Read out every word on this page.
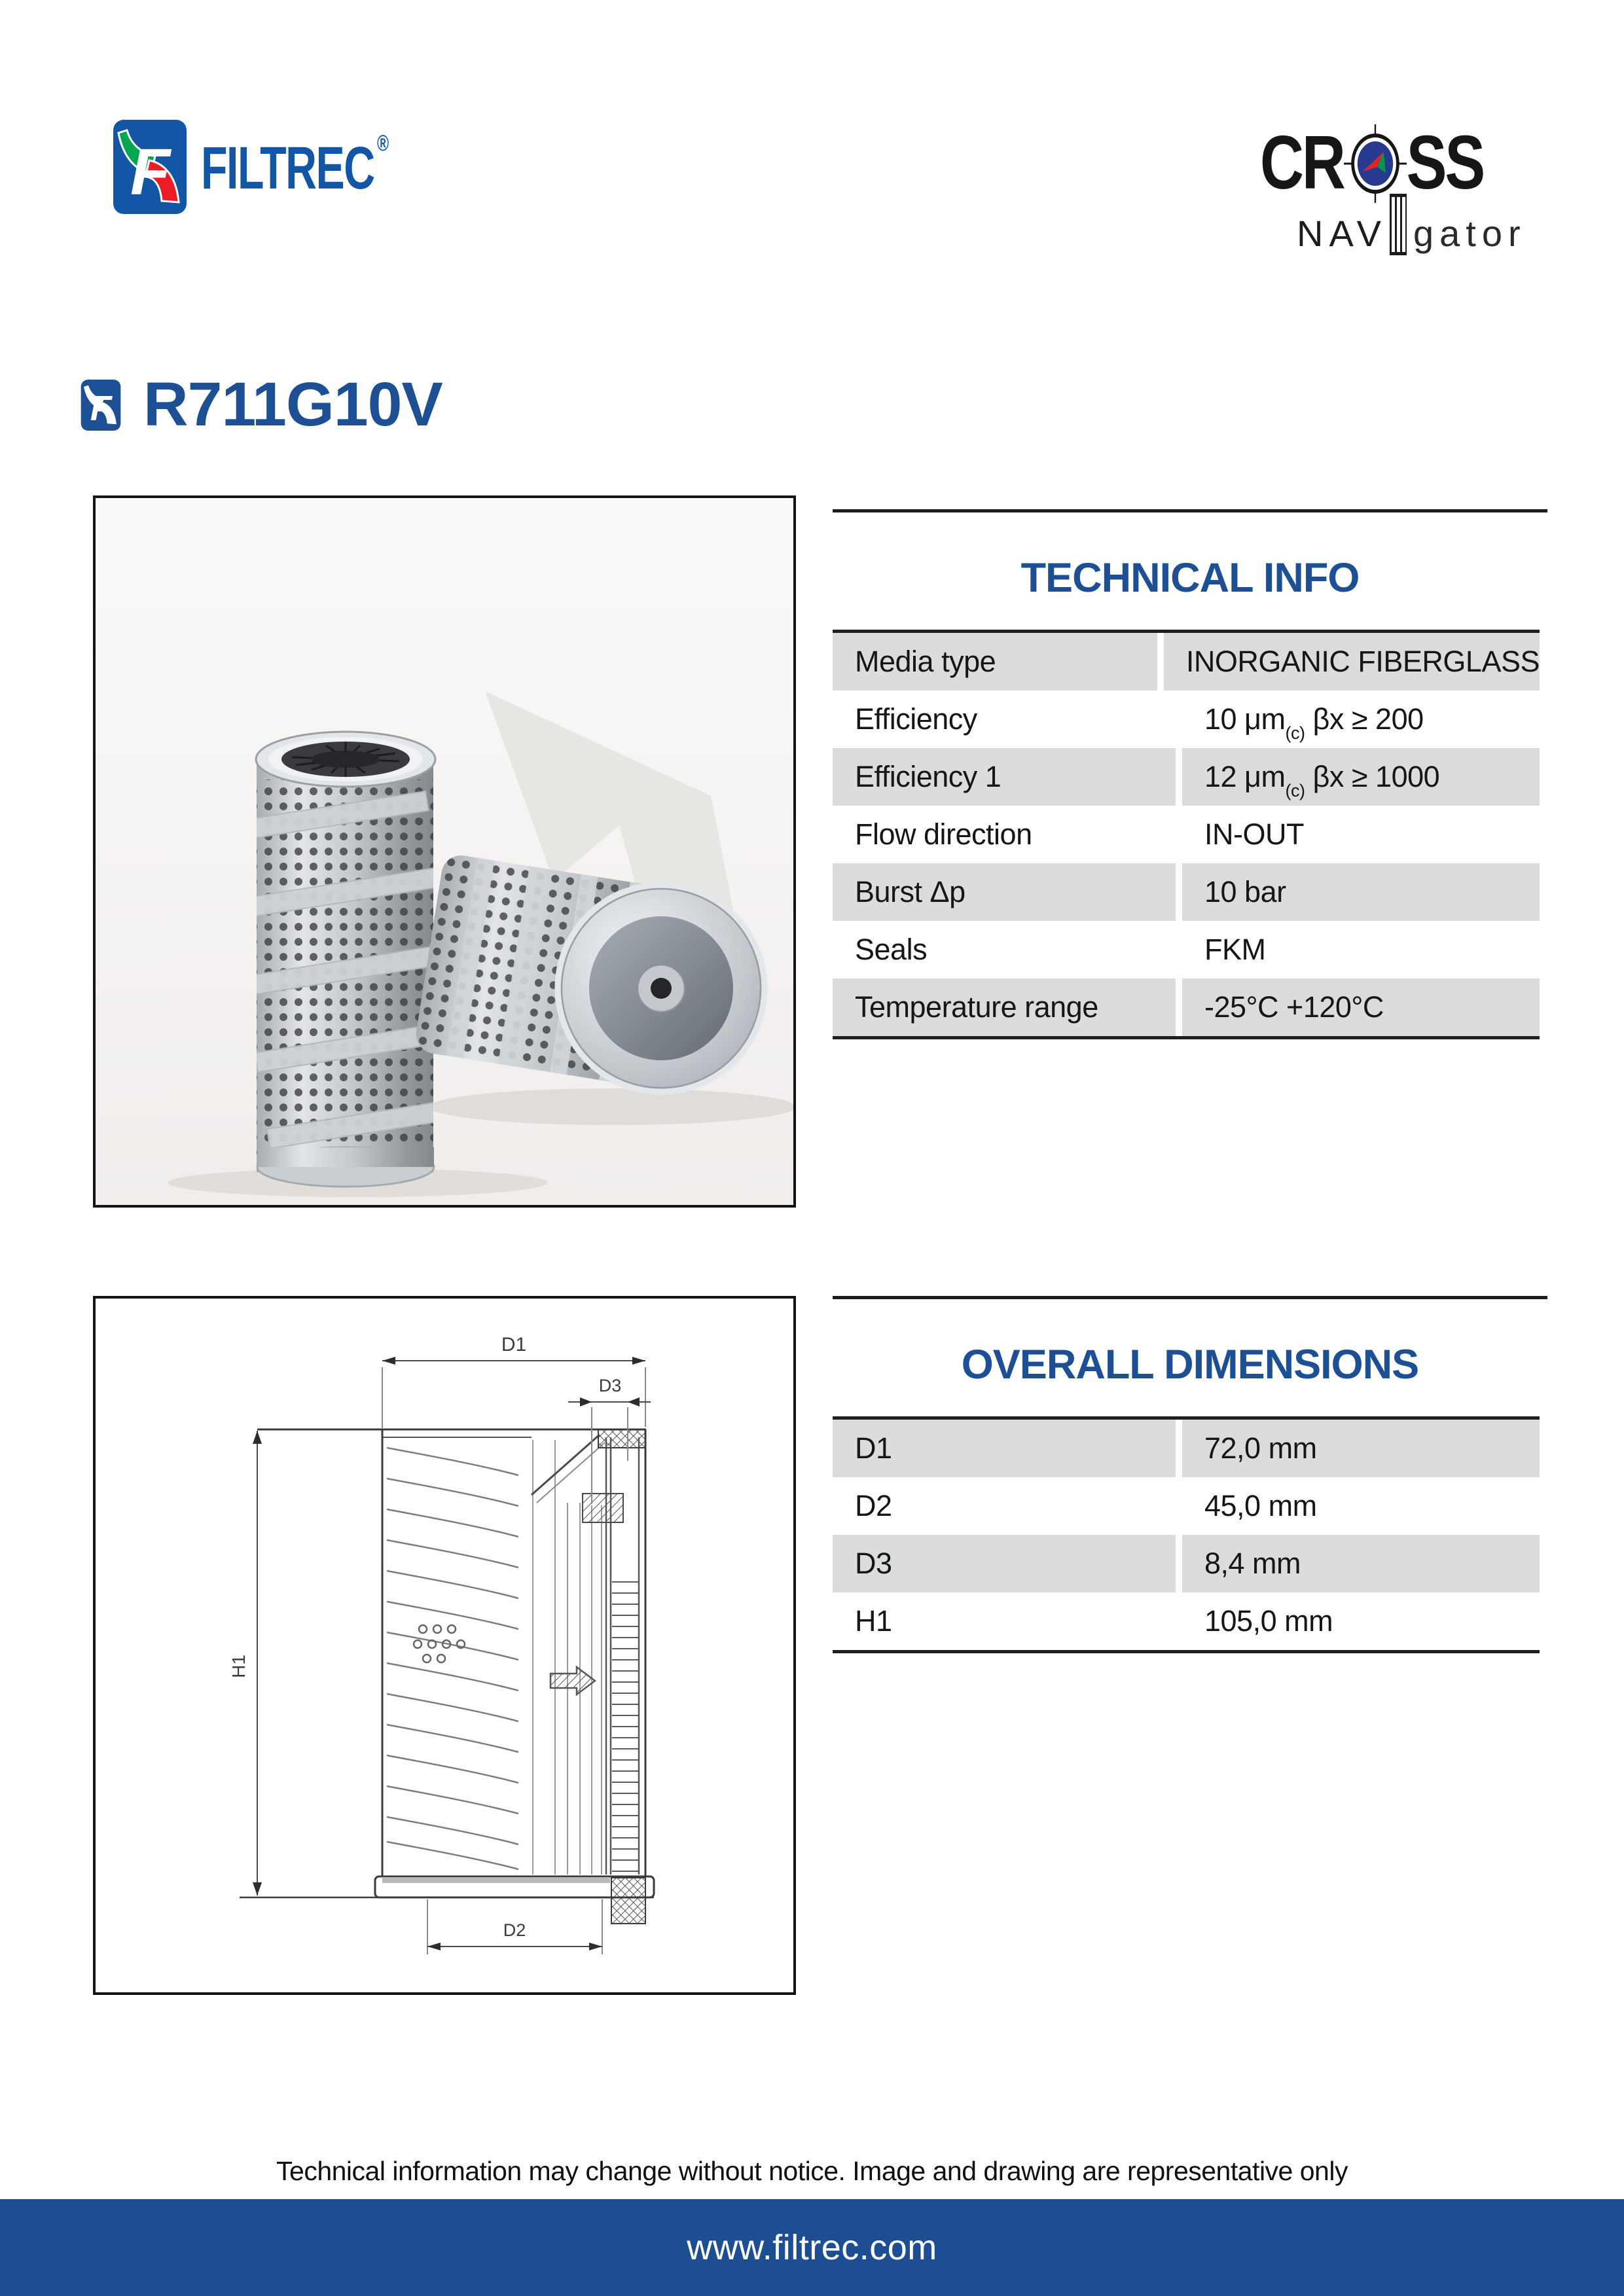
F FILTREC ®	CR SS
NAV gator
F R711G10V
TECHNICAL INFO
Media type	INORGANIC FIBERGLASS
Efficiency	10 $\mu m_{(c)}$ βx ≥ 200
Efficiency 1	12 $\mu m_{(c)}$ βx ≥ 1000
Flow direction	IN-OUT
Burst Δp	10 bar
Seals	FKM
Temperature range	-25°C +120°C
D1
D3
H1
D2
OVERALL DIMENSIONS
D1	72,0 mm
D2	45,0 mm
D3	8,4 mm
H1	105,0 mm
Technical information may change without notice. Image and drawing are representative only
www.filtrec.com
